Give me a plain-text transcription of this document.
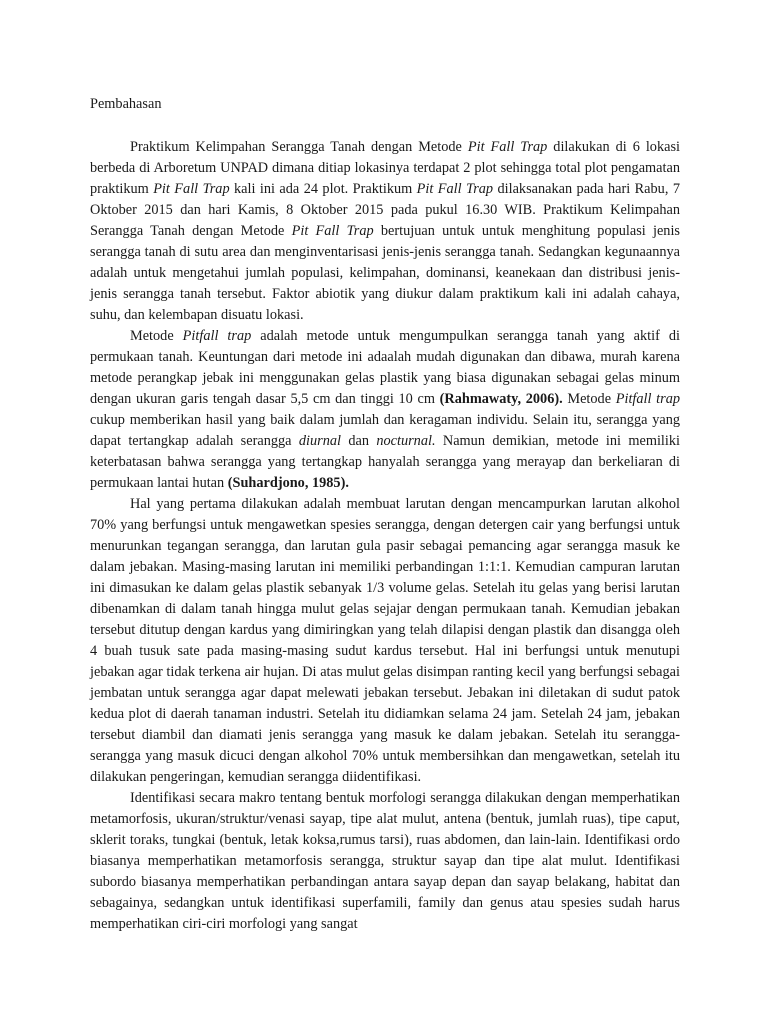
Pembahasan

Praktikum Kelimpahan Serangga Tanah dengan Metode Pit Fall Trap dilakukan di 6 lokasi berbeda di Arboretum UNPAD dimana ditiap lokasinya terdapat 2 plot sehingga total plot pengamatan praktikum Pit Fall Trap kali ini ada 24 plot. Praktikum Pit Fall Trap dilaksanakan pada hari Rabu, 7 Oktober 2015 dan hari Kamis, 8 Oktober 2015 pada pukul 16.30 WIB. Praktikum Kelimpahan Serangga Tanah dengan Metode Pit Fall Trap bertujuan untuk untuk menghitung populasi jenis serangga tanah di sutu area dan menginventarisasi jenis-jenis serangga tanah. Sedangkan kegunaannya adalah untuk mengetahui jumlah populasi, kelimpahan, dominansi, keanekaan dan distribusi jenis- jenis serangga tanah tersebut. Faktor abiotik yang diukur dalam praktikum kali ini adalah cahaya, suhu, dan kelembapan disuatu lokasi.

Metode Pitfall trap adalah metode untuk mengumpulkan serangga tanah yang aktif di permukaan tanah. Keuntungan dari metode ini adaalah mudah digunakan dan dibawa, murah karena metode perangkap jebak ini menggunakan gelas plastik yang biasa digunakan sebagai gelas minum dengan ukuran garis tengah dasar 5,5 cm dan tinggi 10 cm (Rahmawaty, 2006). Metode Pitfall trap cukup memberikan hasil yang baik dalam jumlah dan keragaman individu. Selain itu, serangga yang dapat tertangkap adalah serangga diurnal dan nocturnal. Namun demikian, metode ini memiliki keterbatasan bahwa serangga yang tertangkap hanyalah serangga yang merayap dan berkeliaran di permukaan lantai hutan (Suhardjono, 1985).

Hal yang pertama dilakukan adalah membuat larutan dengan mencampurkan larutan alkohol 70% yang berfungsi untuk mengawetkan spesies serangga, dengan detergen cair yang berfungsi untuk menurunkan tegangan serangga, dan larutan gula pasir sebagai pemancing agar serangga masuk ke dalam jebakan. Masing-masing larutan ini memiliki perbandingan 1:1:1. Kemudian campuran larutan ini dimasukan ke dalam gelas plastik sebanyak 1/3 volume gelas. Setelah itu gelas yang berisi larutan dibenamkan di dalam tanah hingga mulut gelas sejajar dengan permukaan tanah. Kemudian jebakan tersebut ditutup dengan kardus yang dimiringkan yang telah dilapisi dengan plastik dan disangga oleh 4 buah tusuk sate pada masing-masing sudut kardus tersebut. Hal ini berfungsi untuk menutupi jebakan agar tidak terkena air hujan. Di atas mulut gelas disimpan ranting kecil yang berfungsi sebagai jembatan untuk serangga agar dapat melewati jebakan tersebut. Jebakan ini diletakan di sudut patok kedua plot di daerah tanaman industri. Setelah itu didiamkan selama 24 jam. Setelah 24 jam, jebakan tersebut diambil dan diamati jenis serangga yang masuk ke dalam jebakan. Setelah itu serangga-serangga yang masuk dicuci dengan alkohol 70% untuk membersihkan dan mengawetkan, setelah itu dilakukan pengeringan, kemudian serangga diidentifikasi.

Identifikasi secara makro tentang bentuk morfologi serangga dilakukan dengan memperhatikan metamorfosis, ukuran/struktur/venasi sayap, tipe alat mulut, antena (bentuk, jumlah ruas), tipe caput, sklerit toraks, tungkai (bentuk, letak koksa,rumus tarsi), ruas abdomen, dan lain-lain. Identifikasi ordo biasanya memperhatikan metamorfosis serangga, struktur sayap dan tipe alat mulut. Identifikasi subordo biasanya memperhatikan perbandingan antara sayap depan dan sayap belakang, habitat dan sebagainya, sedangkan untuk identifikasi superfamili, family dan genus atau spesies sudah harus memperhatikan ciri-ciri morfologi yang sangat
